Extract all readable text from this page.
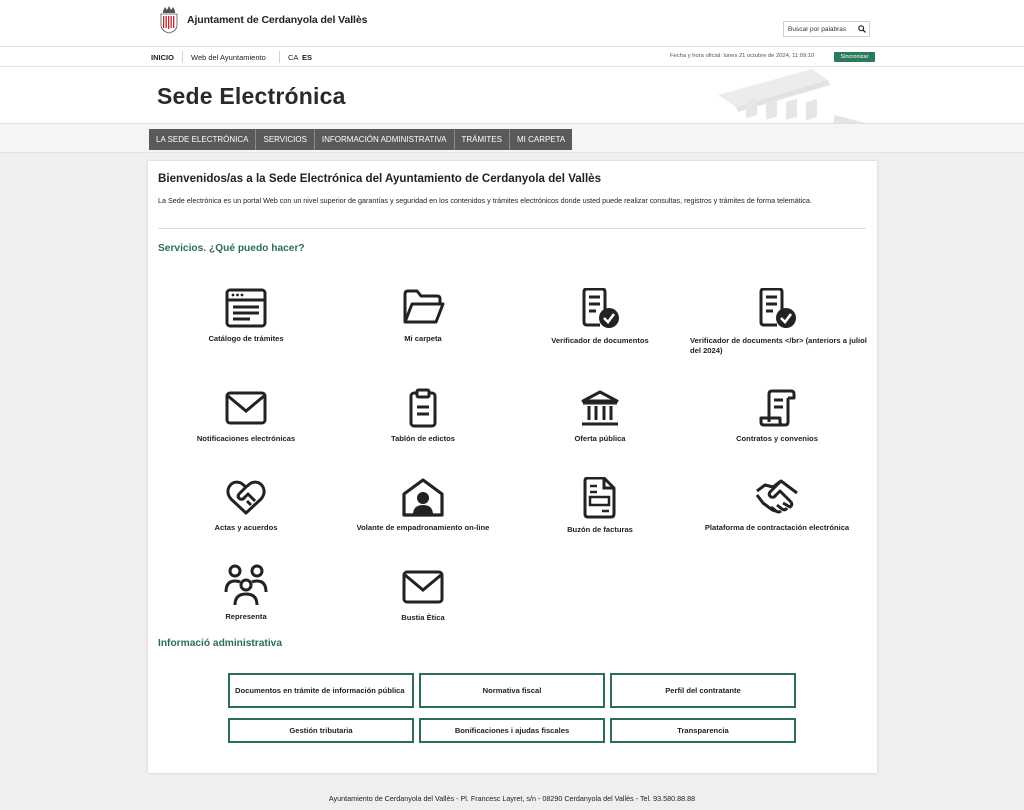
Ajuntament de Cerdanyola del Vallès
Buscar por palabras
INICIO Web del Ayuntamiento	CA ES	Fecha y hora oficial: lunes 21 octubre de 2024, 11:09:10	Sincronizar
Sede Electrónica
LA SEDE ELECTRÓNICA	SERVICIOS	INFORMACIÓN ADMINISTRATIVA	TRÁMITES	MI CARPETA
Bienvenidos/as a la Sede Electrónica del Ayuntamiento de Cerdanyola del Vallès
La Sede electrónica es un portal Web con un nivel superior de garantías y seguridad en los contenidos y trámites electrónicos donde usted puede realizar consultas, registros y trámites de forma telemática.
Servicios. ¿Qué puedo hacer?
Catálogo de trámites	Mi carpeta	Verificador de documentos	Verificador de documents </br> (anteriors a juliol del 2024)
Notificaciones electrónicas	Tablón de edictos	Oferta pública	Contratos y convenios
Actas y acuerdos	Volante de empadronamiento on-line	Buzón de facturas	Plataforma de contractación electrónica
Representa	Bustia Ètica
Informació administrativa
Documentos en trámite de información pública	Normativa fiscal	Perfil del contratante
Gestión tributaria	Bonificaciones i ajudas fiscales	Transparencia
Ayuntamiento de Cerdanyola del Vallès - Pl. Francesc Layret, s/n - 08290 Cerdanyola del Vallès - Tel. 93.580.88.88
